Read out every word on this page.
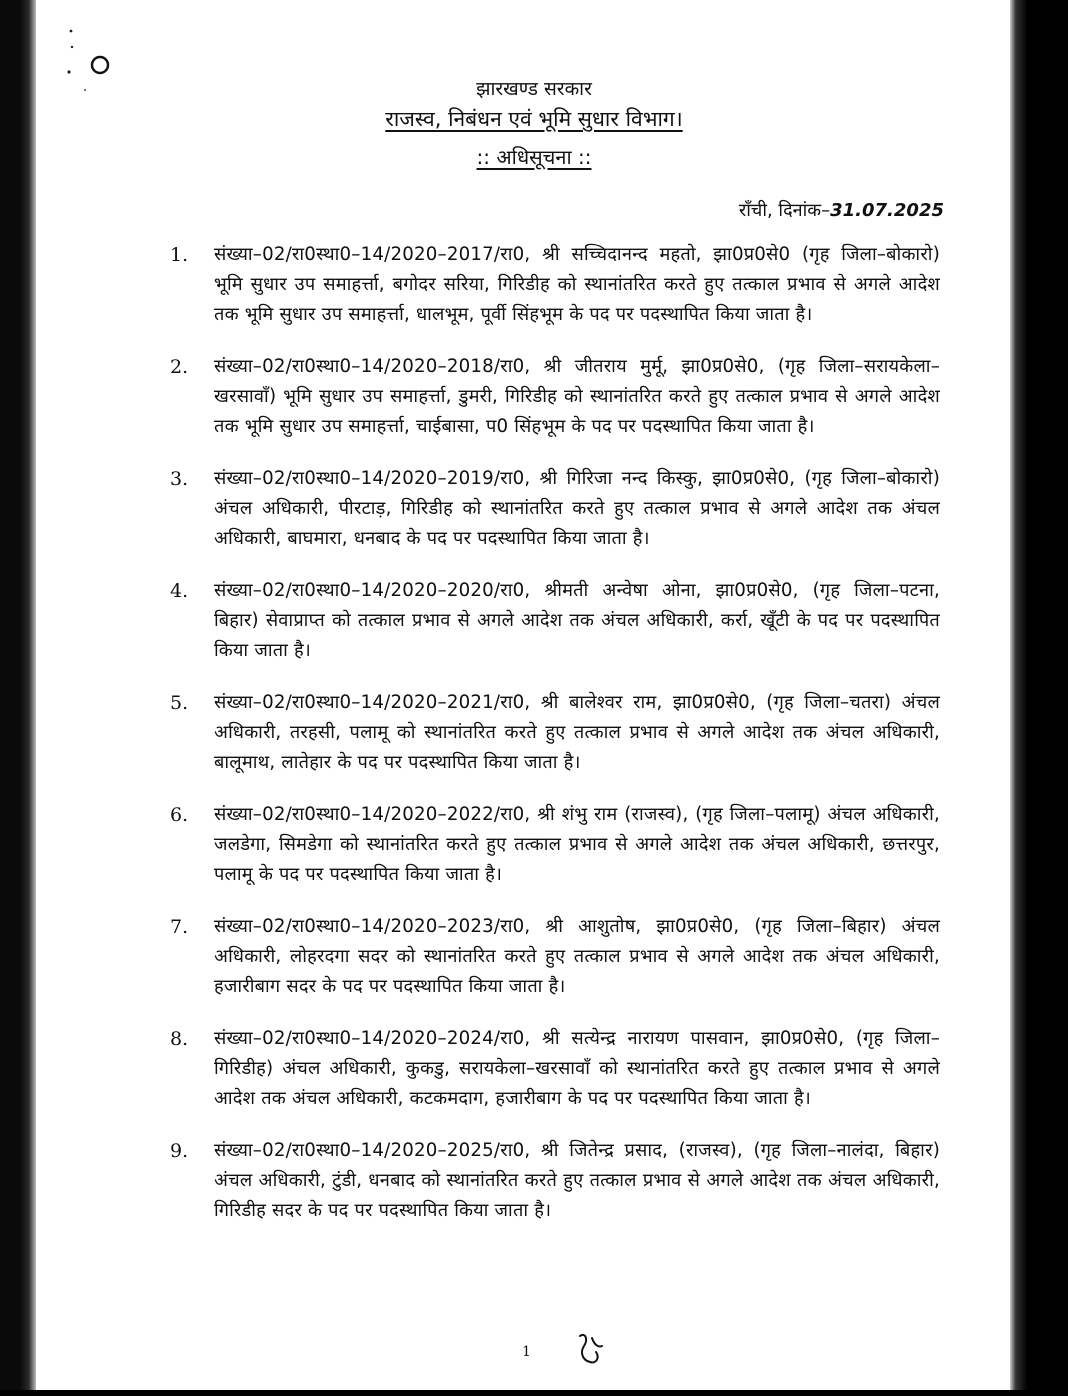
झारखण्ड सरकार
राजस्व, निबंधन एवं भूमि सुधार विभाग।
:: अधिसूचना ::
राँची, दिनांक–31.07.2025
1.	संख्या–02/रा0स्था0–14/2020–2017/रा0, श्री सच्चिदानन्द महतो, झा0प्र0से0 (गृह जिला–बोकारो) भूमि सुधार उप समाहर्त्ता, बगोदर सरिया, गिरिडीह को स्थानांतरित करते हुए तत्काल प्रभाव से अगले आदेश तक भूमि सुधार उप समाहर्त्ता, धालभूम, पूर्वी सिंहभूम के पद पर पदस्थापित किया जाता है।
2.	संख्या–02/रा0स्था0–14/2020–2018/रा0, श्री जीतराय मुर्मू, झा0प्र0से0, (गृह जिला–सरायकेला–खरसावाँ) भूमि सुधार उप समाहर्त्ता, डुमरी, गिरिडीह को स्थानांतरित करते हुए तत्काल प्रभाव से अगले आदेश तक भूमि सुधार उप समाहर्त्ता, चाईबासा, प0 सिंहभूम के पद पर पदस्थापित किया जाता है।
3.	संख्या–02/रा0स्था0–14/2020–2019/रा0, श्री गिरिजा नन्द किस्कु, झा0प्र0से0, (गृह जिला–बोकारो) अंचल अधिकारी, पीरटाड़, गिरिडीह को स्थानांतरित करते हुए तत्काल प्रभाव से अगले आदेश तक अंचल अधिकारी, बाघमारा, धनबाद के पद पर पदस्थापित किया जाता है।
4.	संख्या–02/रा0स्था0–14/2020–2020/रा0, श्रीमती अन्वेषा ओना, झा0प्र0से0, (गृह जिला–पटना, बिहार) सेवाप्राप्त को तत्काल प्रभाव से अगले आदेश तक अंचल अधिकारी, कर्रा, खूँटी के पद पर पदस्थापित किया जाता है।
5.	संख्या–02/रा0स्था0–14/2020–2021/रा0, श्री बालेश्वर राम, झा0प्र0से0, (गृह जिला–चतरा) अंचल अधिकारी, तरहसी, पलामू को स्थानांतरित करते हुए तत्काल प्रभाव से अगले आदेश तक अंचल अधिकारी, बालूमाथ, लातेहार के पद पर पदस्थापित किया जाता है।
6.	संख्या–02/रा0स्था0–14/2020–2022/रा0, श्री शंभु राम (राजस्व), (गृह जिला–पलामू) अंचल अधिकारी, जलडेगा, सिमडेगा को स्थानांतरित करते हुए तत्काल प्रभाव से अगले आदेश तक अंचल अधिकारी, छत्तरपुर, पलामू के पद पर पदस्थापित किया जाता है।
7.	संख्या–02/रा0स्था0–14/2020–2023/रा0, श्री आशुतोष, झा0प्र0से0, (गृह जिला–बिहार) अंचल अधिकारी, लोहरदगा सदर को स्थानांतरित करते हुए तत्काल प्रभाव से अगले आदेश तक अंचल अधिकारी, हजारीबाग सदर के पद पर पदस्थापित किया जाता है।
8.	संख्या–02/रा0स्था0–14/2020–2024/रा0, श्री सत्येन्द्र नारायण पासवान, झा0प्र0से0, (गृह जिला–गिरिडीह) अंचल अधिकारी, कुकडु, सरायकेला–खरसावाँ को स्थानांतरित करते हुए तत्काल प्रभाव से अगले आदेश तक अंचल अधिकारी, कटकमदाग, हजारीबाग के पद पर पदस्थापित किया जाता है।
9.	संख्या–02/रा0स्था0–14/2020–2025/रा0, श्री जितेन्द्र प्रसाद, (राजस्व), (गृह जिला–नालंदा, बिहार) अंचल अधिकारी, टुंडी, धनबाद को स्थानांतरित करते हुए तत्काल प्रभाव से अगले आदेश तक अंचल अधिकारी, गिरिडीह सदर के पद पर पदस्थापित किया जाता है।
1
